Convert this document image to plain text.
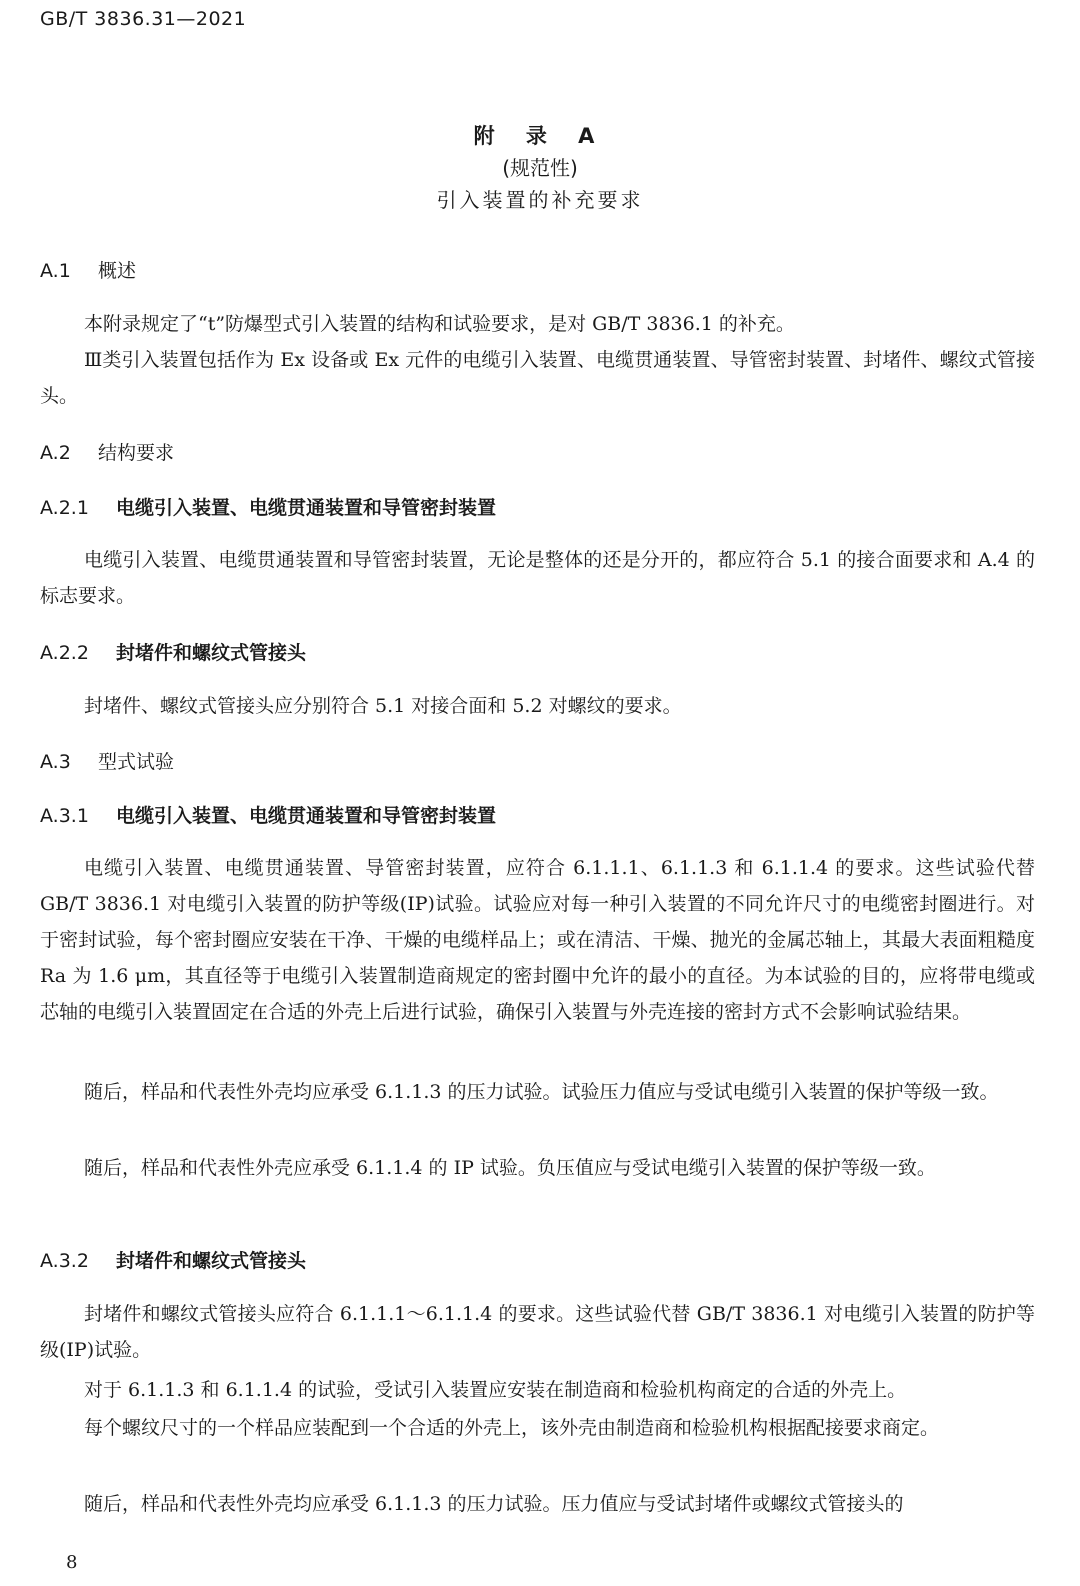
GB/T 3836.31—2021
附 录 A
(规范性)
引入装置的补充要求
A.1 概述
本附录规定了“t”防爆型式引入装置的结构和试验要求，是对 GB/T 3836.1 的补充。
Ⅲ类引入装置包括作为 Ex 设备或 Ex 元件的电缆引入装置、电缆贯通装置、导管密封装置、封堵件、螺纹式管接头。
A.2 结构要求
A.2.1 电缆引入装置、电缆贯通装置和导管密封装置
电缆引入装置、电缆贯通装置和导管密封装置，无论是整体的还是分开的，都应符合 5.1 的接合面要求和 A.4 的标志要求。
A.2.2 封堵件和螺纹式管接头
封堵件、螺纹式管接头应分别符合 5.1 对接合面和 5.2 对螺纹的要求。
A.3 型式试验
A.3.1 电缆引入装置、电缆贯通装置和导管密封装置
电缆引入装置、电缆贯通装置、导管密封装置，应符合 6.1.1.1、6.1.1.3 和 6.1.1.4 的要求。这些试验代替 GB/T 3836.1 对电缆引入装置的防护等级(IP)试验。试验应对每一种引入装置的不同允许尺寸的电缆密封圈进行。对于密封试验，每个密封圈应安装在干净、干燥的电缆样品上；或在清洁、干燥、抛光的金属芯轴上，其最大表面粗糙度 Ra 为 1.6 μm，其直径等于电缆引入装置制造商规定的密封圈中允许的最小的直径。为本试验的目的，应将带电缆或芯轴的电缆引入装置固定在合适的外壳上后进行试验，确保引入装置与外壳连接的密封方式不会影响试验结果。
随后，样品和代表性外壳均应承受 6.1.1.3 的压力试验。试验压力值应与受试电缆引入装置的保护等级一致。
随后，样品和代表性外壳应承受 6.1.1.4 的 IP 试验。负压值应与受试电缆引入装置的保护等级一致。
A.3.2 封堵件和螺纹式管接头
封堵件和螺纹式管接头应符合 6.1.1.1～6.1.1.4 的要求。这些试验代替 GB/T 3836.1 对电缆引入装置的防护等级(IP)试验。
对于 6.1.1.3 和 6.1.1.4 的试验，受试引入装置应安装在制造商和检验机构商定的合适的外壳上。
每个螺纹尺寸的一个样品应装配到一个合适的外壳上，该外壳由制造商和检验机构根据配接要求商定。
随后，样品和代表性外壳均应承受 6.1.1.3 的压力试验。压力值应与受试封堵件或螺纹式管接头的
8
